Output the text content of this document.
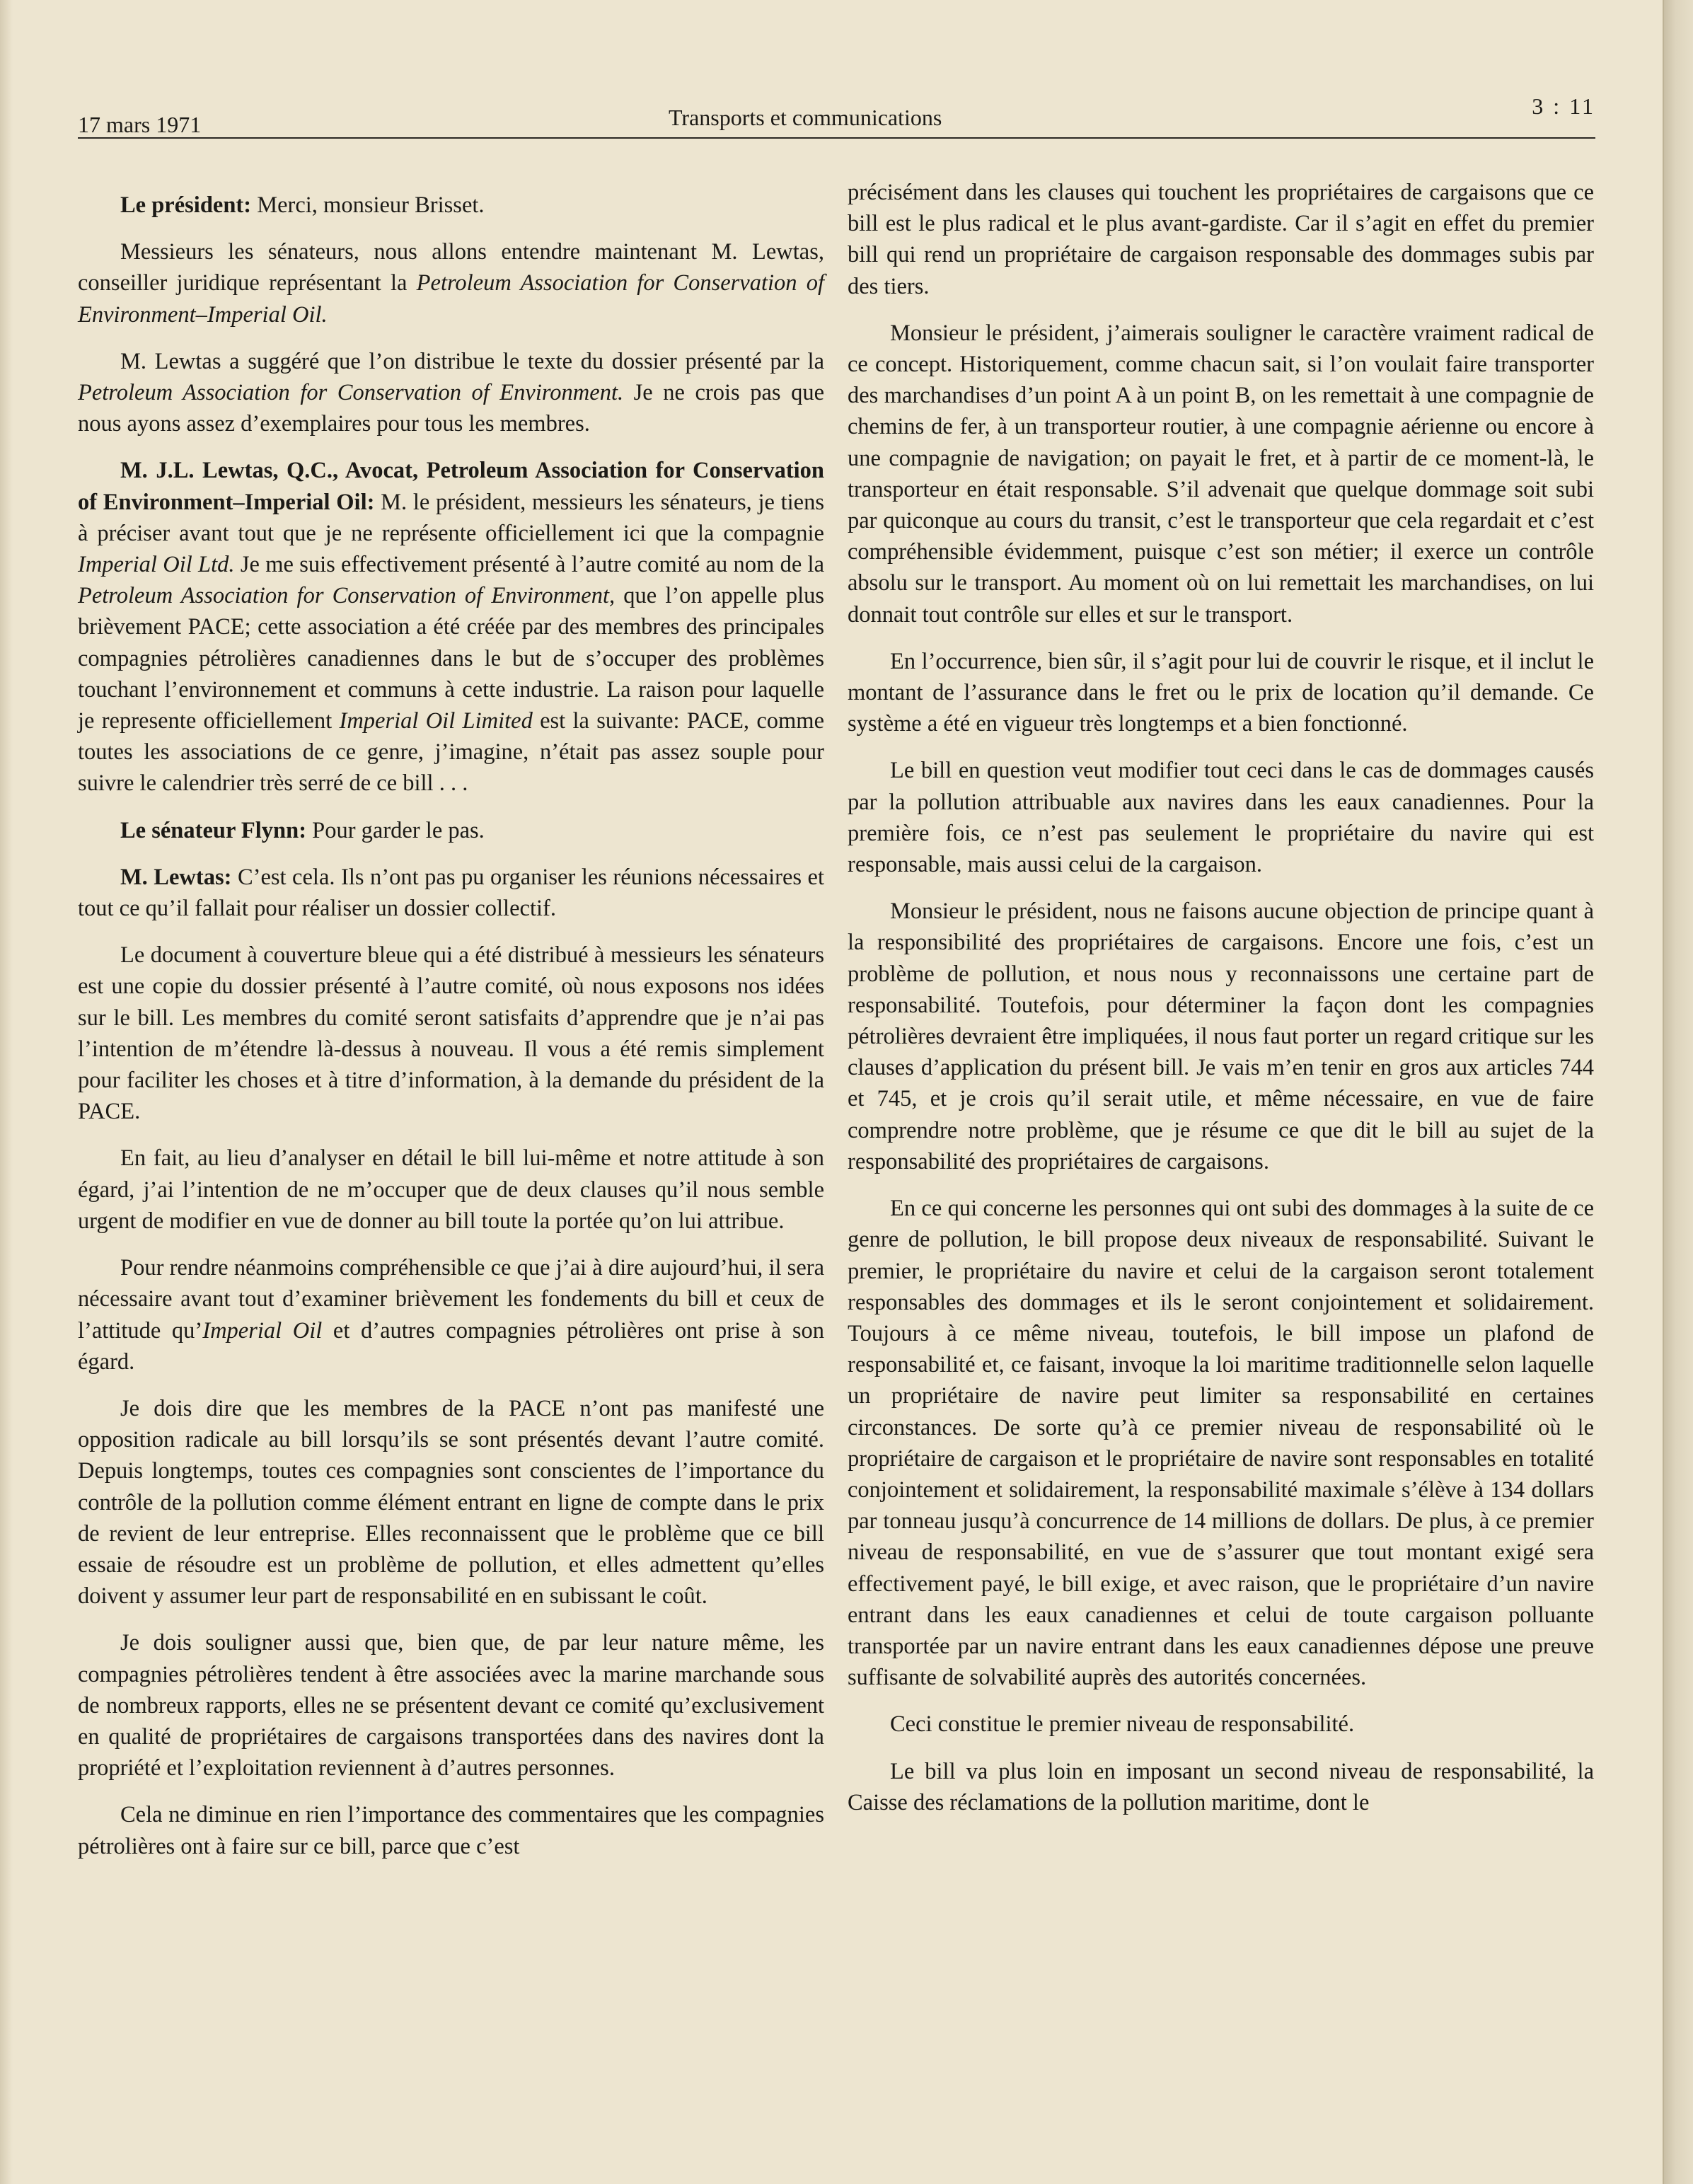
17 mars 1971	Transports et communications	3 : 11

Le président: Merci, monsieur Brisset.

Messieurs les sénateurs, nous allons entendre maintenant M. Lewtas, conseiller juridique représentant la Petroleum Association for Conservation of Environment–Imperial Oil.

M. Lewtas a suggéré que l’on distribue le texte du dossier présenté par la Petroleum Association for Conservation of Environment. Je ne crois pas que nous ayons assez d’exemplaires pour tous les membres.

M. J.L. Lewtas, Q.C., Avocat, Petroleum Association for Conservation of Environment–Imperial Oil: M. le président, messieurs les sénateurs, je tiens à préciser avant tout que je ne représente officiellement ici que la compagnie Imperial Oil Ltd. Je me suis effectivement présenté à l’autre comité au nom de la Petroleum Association for Conservation of Environment, que l’on appelle plus brièvement PACE; cette association a été créée par des membres des principales compagnies pétrolières canadiennes dans le but de s’occuper des problèmes touchant l’environnement et communs à cette industrie. La raison pour laquelle je represente officiellement Imperial Oil Limited est la suivante: PACE, comme toutes les associations de ce genre, j’imagine, n’était pas assez souple pour suivre le calendrier très serré de ce bill . . .

Le sénateur Flynn: Pour garder le pas.

M. Lewtas: C’est cela. Ils n’ont pas pu organiser les réunions nécessaires et tout ce qu’il fallait pour réaliser un dossier collectif.

Le document à couverture bleue qui a été distribué à messieurs les sénateurs est une copie du dossier présenté à l’autre comité, où nous exposons nos idées sur le bill. Les membres du comité seront satisfaits d’apprendre que je n’ai pas l’intention de m’étendre là-dessus à nouveau. Il vous a été remis simplement pour faciliter les choses et à titre d’information, à la demande du président de la PACE.

En fait, au lieu d’analyser en détail le bill lui-même et notre attitude à son égard, j’ai l’intention de ne m’occuper que de deux clauses qu’il nous semble urgent de modifier en vue de donner au bill toute la portée qu’on lui attribue.

Pour rendre néanmoins compréhensible ce que j’ai à dire aujourd’hui, il sera nécessaire avant tout d’examiner brièvement les fondements du bill et ceux de l’attitude qu’Imperial Oil et d’autres compagnies pétrolières ont prise à son égard.

Je dois dire que les membres de la PACE n’ont pas manifesté une opposition radicale au bill lorsqu’ils se sont présentés devant l’autre comité. Depuis longtemps, toutes ces compagnies sont conscientes de l’importance du contrôle de la pollution comme élément entrant en ligne de compte dans le prix de revient de leur entreprise. Elles reconnaissent que le problème que ce bill essaie de résoudre est un problème de pollution, et elles admettent qu’elles doivent y assumer leur part de responsabilité en en subissant le coût.

Je dois souligner aussi que, bien que, de par leur nature même, les compagnies pétrolières tendent à être associées avec la marine marchande sous de nombreux rapports, elles ne se présentent devant ce comité qu’exclusivement en qualité de propriétaires de cargaisons transportées dans des navires dont la propriété et l’exploitation reviennent à d’autres personnes.

Cela ne diminue en rien l’importance des commentaires que les compagnies pétrolières ont à faire sur ce bill, parce que c’est

précisément dans les clauses qui touchent les propriétaires de cargaisons que ce bill est le plus radical et le plus avant-gardiste. Car il s’agit en effet du premier bill qui rend un propriétaire de cargaison responsable des dommages subis par des tiers.

Monsieur le président, j’aimerais souligner le caractère vraiment radical de ce concept. Historiquement, comme chacun sait, si l’on voulait faire transporter des marchandises d’un point A à un point B, on les remettait à une compagnie de chemins de fer, à un transporteur routier, à une compagnie aérienne ou encore à une compagnie de navigation; on payait le fret, et à partir de ce moment-là, le transporteur en était responsable. S’il advenait que quelque dommage soit subi par quiconque au cours du transit, c’est le transporteur que cela regardait et c’est compréhensible évidemment, puisque c’est son métier; il exerce un contrôle absolu sur le transport. Au moment où on lui remettait les marchandises, on lui donnait tout contrôle sur elles et sur le transport.

En l’occurrence, bien sûr, il s’agit pour lui de couvrir le risque, et il inclut le montant de l’assurance dans le fret ou le prix de location qu’il demande. Ce système a été en vigueur très longtemps et a bien fonctionné.

Le bill en question veut modifier tout ceci dans le cas de dommages causés par la pollution attribuable aux navires dans les eaux canadiennes. Pour la première fois, ce n’est pas seulement le propriétaire du navire qui est responsable, mais aussi celui de la cargaison.

Monsieur le président, nous ne faisons aucune objection de principe quant à la responsibilité des propriétaires de cargaisons. Encore une fois, c’est un problème de pollution, et nous nous y reconnaissons une certaine part de responsabilité. Toutefois, pour déterminer la façon dont les compagnies pétrolières devraient être impliquées, il nous faut porter un regard critique sur les clauses d’application du présent bill. Je vais m’en tenir en gros aux articles 744 et 745, et je crois qu’il serait utile, et même nécessaire, en vue de faire comprendre notre problème, que je résume ce que dit le bill au sujet de la responsabilité des propriétaires de cargaisons.

En ce qui concerne les personnes qui ont subi des dommages à la suite de ce genre de pollution, le bill propose deux niveaux de responsabilité. Suivant le premier, le propriétaire du navire et celui de la cargaison seront totalement responsables des dommages et ils le seront conjointement et solidairement. Toujours à ce même niveau, toutefois, le bill impose un plafond de responsabilité et, ce faisant, invoque la loi maritime traditionnelle selon laquelle un propriétaire de navire peut limiter sa responsabilité en certaines circonstances. De sorte qu’à ce premier niveau de responsabilité où le propriétaire de cargaison et le propriétaire de navire sont responsables en totalité conjointement et solidairement, la responsabilité maximale s’élève à 134 dollars par tonneau jusqu’à concurrence de 14 millions de dollars. De plus, à ce premier niveau de responsabilité, en vue de s’assurer que tout montant exigé sera effectivement payé, le bill exige, et avec raison, que le propriétaire d’un navire entrant dans les eaux canadiennes et celui de toute cargaison polluante transportée par un navire entrant dans les eaux canadiennes dépose une preuve suffisante de solvabilité auprès des autorités concernées.

Ceci constitue le premier niveau de responsabilité.

Le bill va plus loin en imposant un second niveau de responsabilité, la Caisse des réclamations de la pollution maritime, dont le
